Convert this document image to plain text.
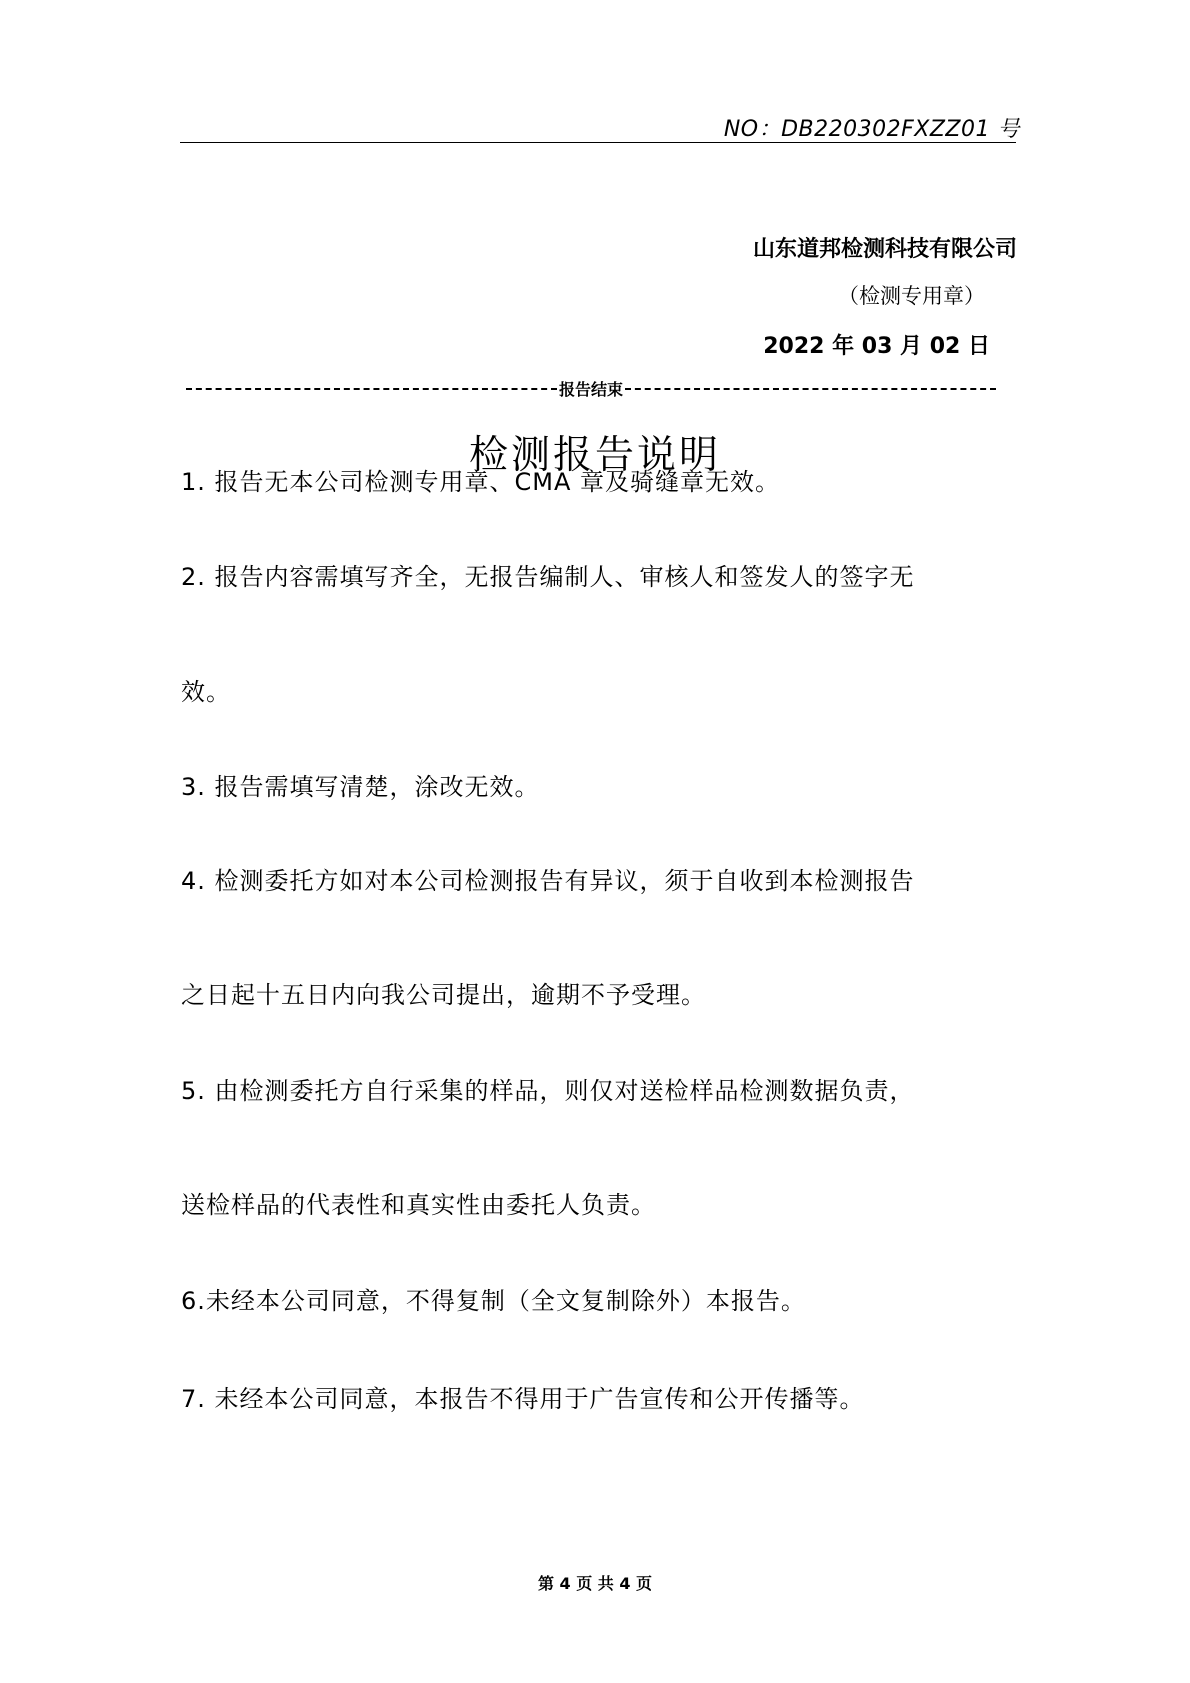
NO：DB220302FXZZ01 号
山东道邦检测科技有限公司
（检测专用章）
2022 年 03 月 02 日
报告结束
检测报告说明
1. 报告无本公司检测专用章、CMA 章及骑缝章无效。
2. 报告内容需填写齐全，无报告编制人、审核人和签发人的签字无
效。
3. 报告需填写清楚，涂改无效。
4. 检测委托方如对本公司检测报告有异议，须于自收到本检测报告
之日起十五日内向我公司提出，逾期不予受理。
5. 由检测委托方自行采集的样品，则仅对送检样品检测数据负责，
送检样品的代表性和真实性由委托人负责。
6.未经本公司同意，不得复制（全文复制除外）本报告。
7. 未经本公司同意，本报告不得用于广告宣传和公开传播等。
第 4 页 共 4 页
